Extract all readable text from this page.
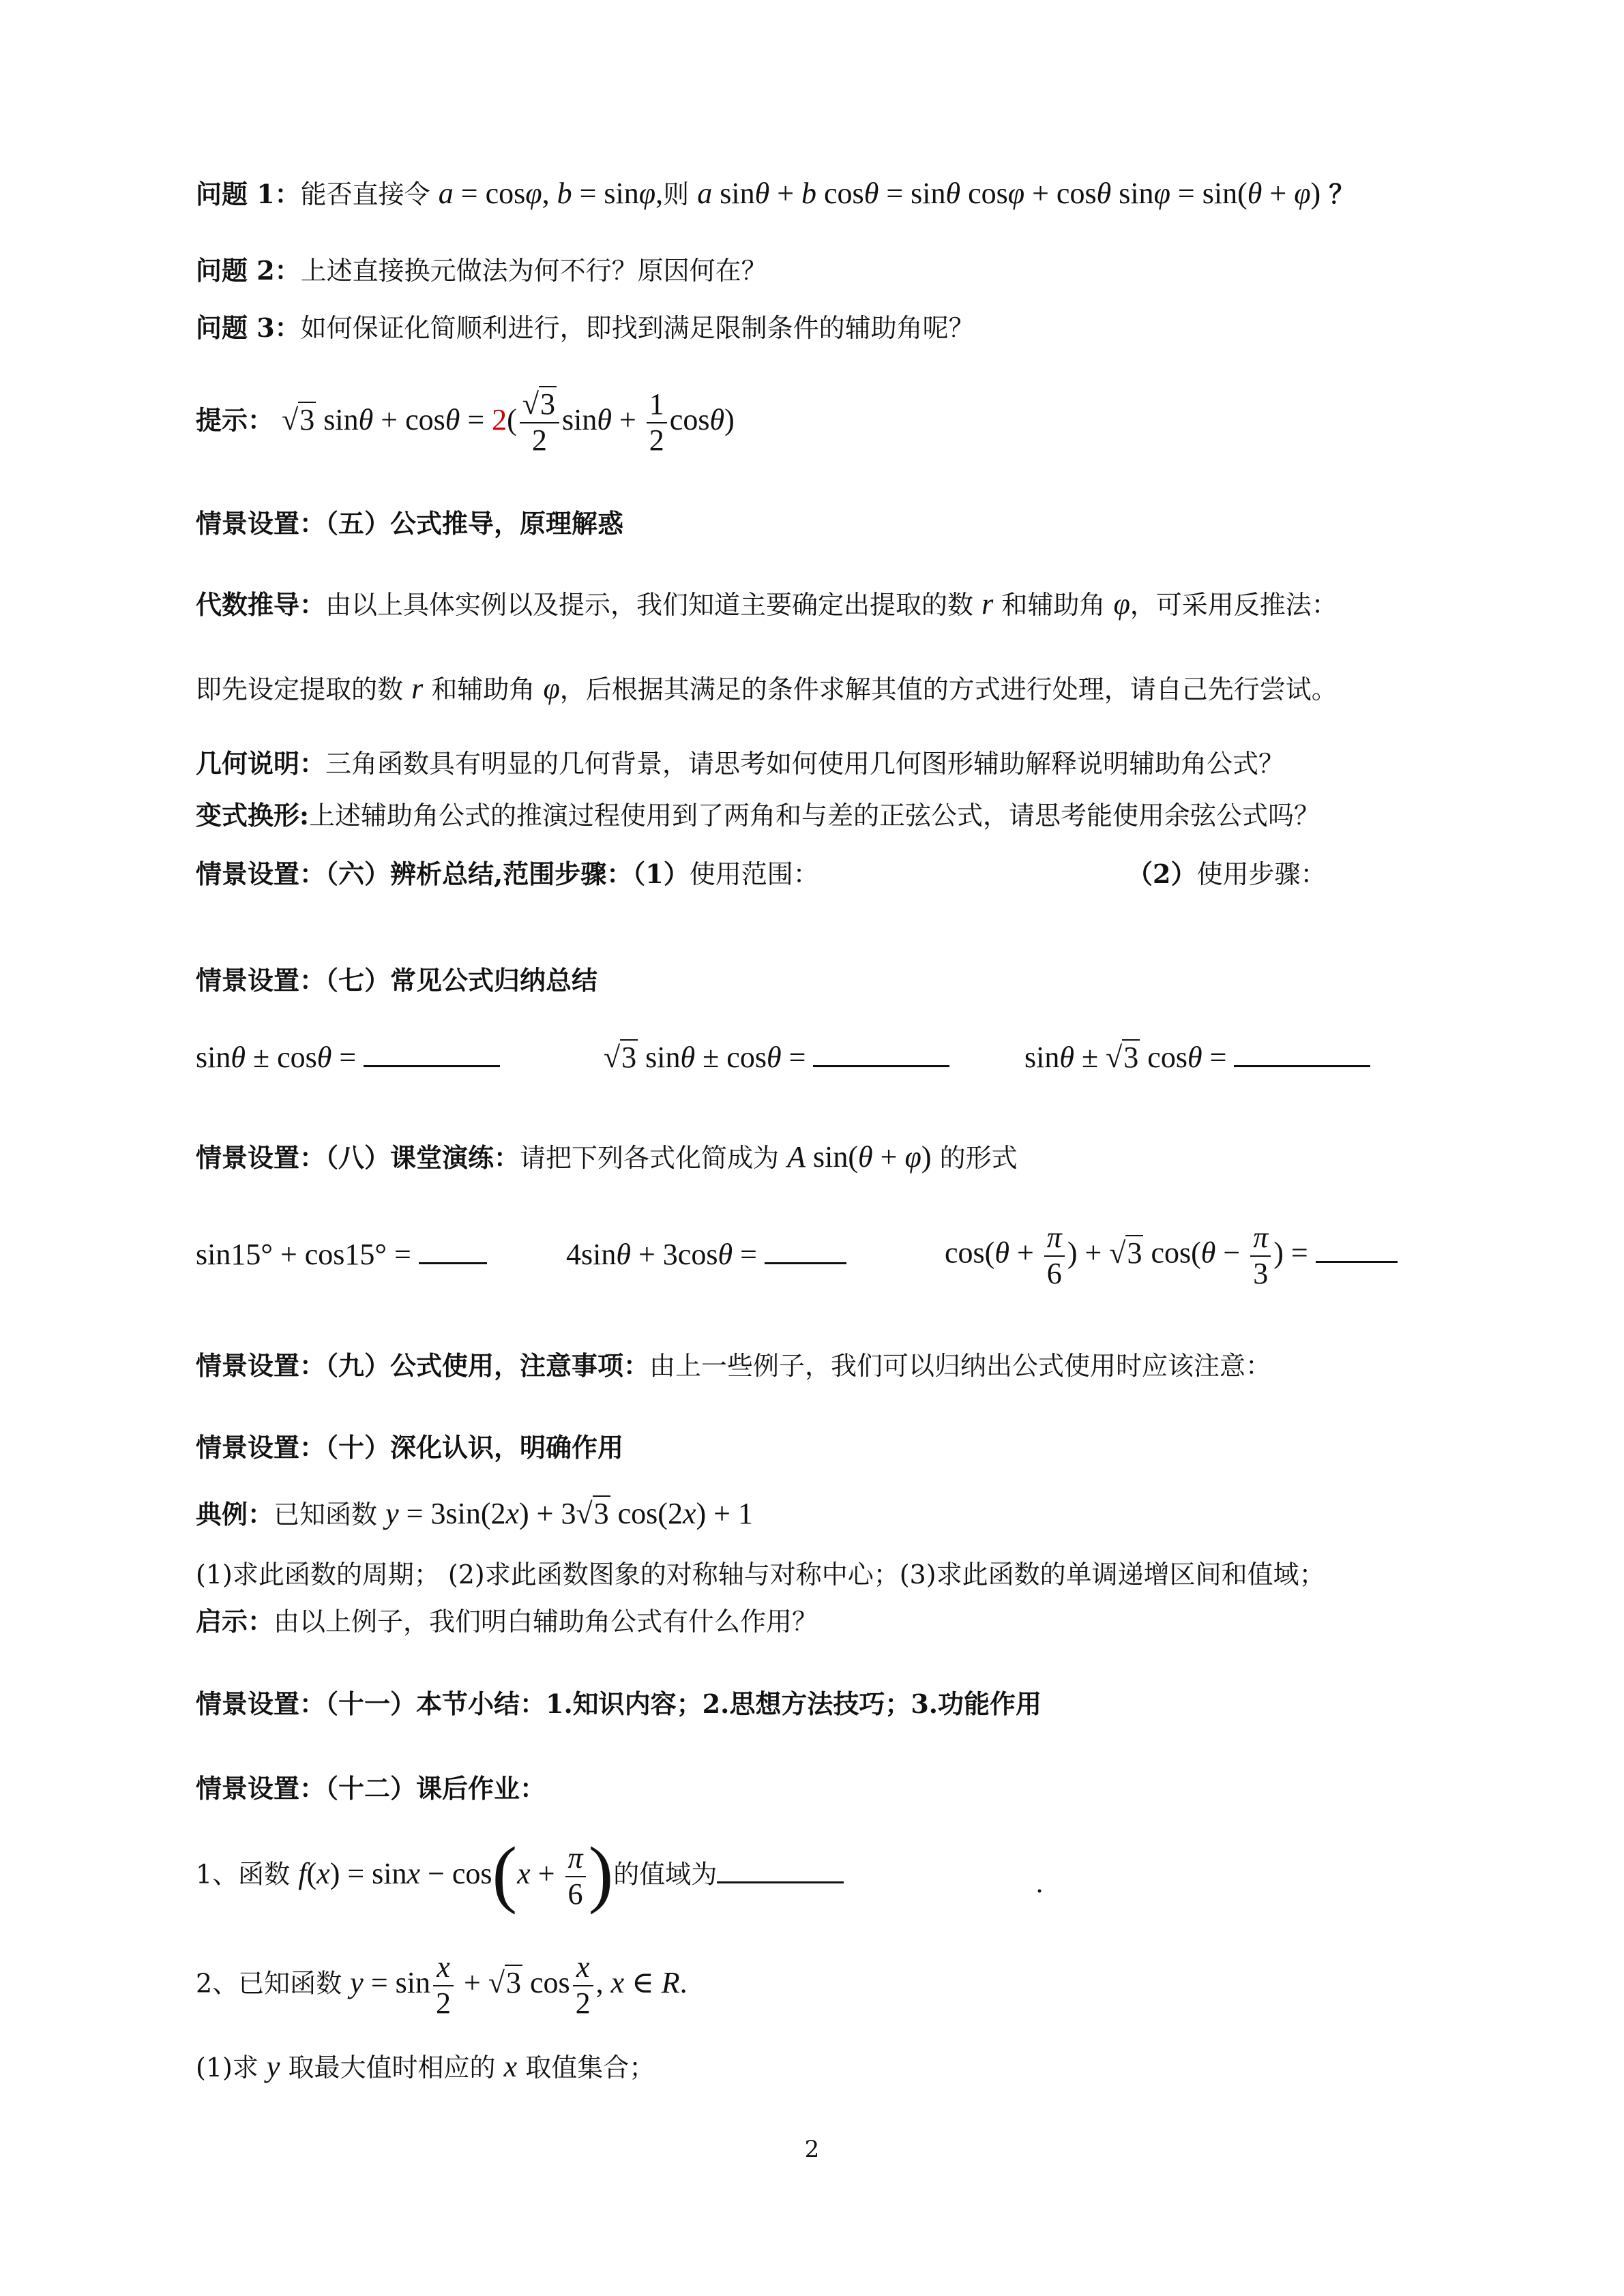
问题 1：能否直接令 a = cosφ, b = sinφ,则 a sinθ + b cosθ = sinθ cosφ + cosθ sinφ = sin(θ + φ) ？
问题 2：上述直接换元做法为何不行？原因何在？
问题 3：如何保证化简顺利进行，即找到满足限制条件的辅助角呢？
提示： √3 $\sin\theta + \cos\theta = 2( \frac{√3}{2}$ $\sin\theta + \frac{1}{2} \cos\theta$)
情景设置：（五）公式推导，原理解惑
代数推导：由以上具体实例以及提示，我们知道主要确定出提取的数 r 和辅助角 φ，可采用反推法：
即先设定提取的数 r 和辅助角 φ，后根据其满足的条件求解其值的方式进行处理，请自己先行尝试。
几何说明：三角函数具有明显的几何背景，请思考如何使用几何图形辅助解释说明辅助角公式？
变式换形:上述辅助角公式的推演过程使用到了两角和与差的正弦公式，请思考能使用余弦公式吗？
情景设置：（六）辨析总结,范围步骤：（1）使用范围：	（2）使用步骤：
情景设置：（七）常见公式归纳总结
sinθ ± cosθ =	√3 sinθ ± cosθ =	sinθ ± √3 cosθ =
情景设置：（八）课堂演练：请把下列各式化简成为 A sin(θ + φ) 的形式
sin15° + cos15° =	4sinθ + 3cosθ =	$\cos(\theta + \frac{\pi}{6}$ ) + √3 $\cos(\theta - \frac{\pi}{3}$ ) =
情景设置：（九）公式使用，注意事项：由上一些例子，我们可以归纳出公式使用时应该注意：
情景设置：（十）深化认识，明确作用
典例：已知函数 y = 3sin(2x) + 3√3 cos(2x) + 1
(1)求此函数的周期； (2)求此函数图象的对称轴与对称中心；(3)求此函数的单调递增区间和值域；
启示：由以上例子，我们明白辅助角公式有什么作用？
情景设置：（十一）本节小结：1.知识内容；2.思想方法技巧；3.功能作用
情景设置：（十二）课后作业：
1、函数 $f(x) = \sin x - \cos(x + \frac{\pi}{6}$ )的值域为	.
2、已知函数 $y = \sin \frac{x}{2} + √3$ $\cos \frac{x}{2}$ , x ∈ R.
(1)求 y 取最大值时相应的 x 取值集合；
2
